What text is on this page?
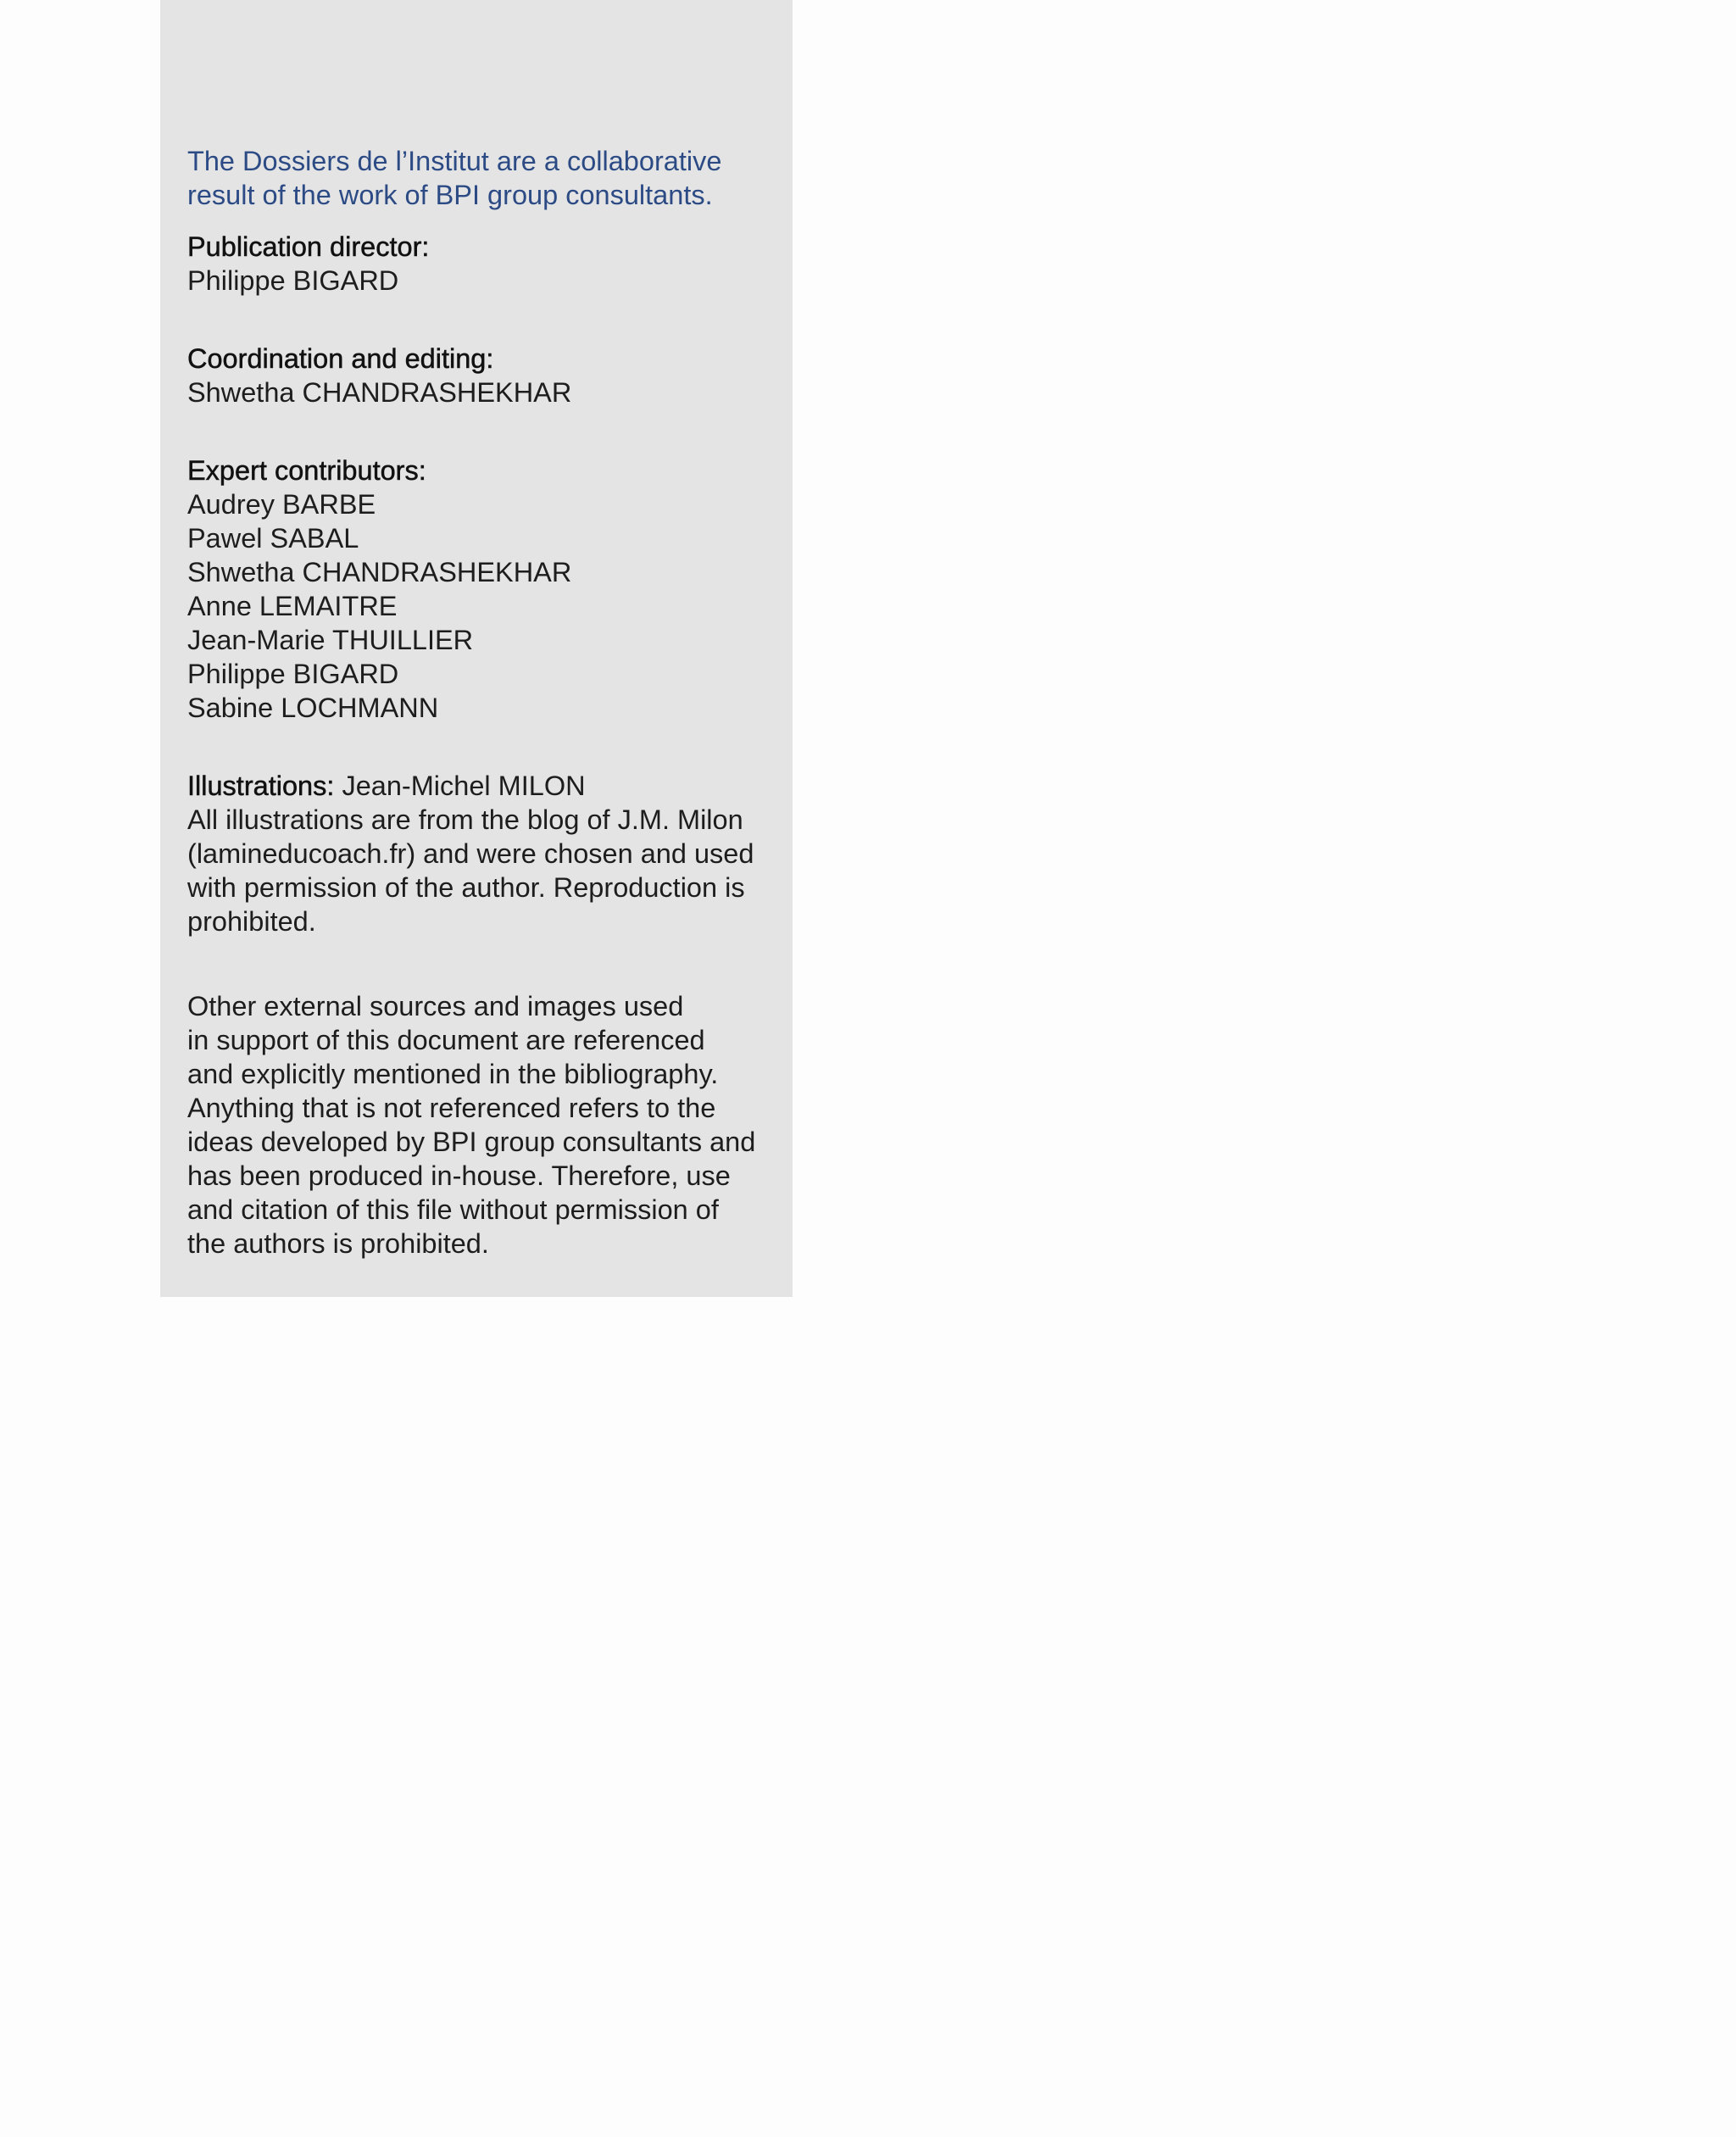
The Dossiers de l’Institut are a collaborative
result of the work of BPI group consultants.
Publication director:
Philippe BIGARD
Coordination and editing:
Shwetha CHANDRASHEKHAR
Expert contributors:
Audrey BARBE
Pawel SABAL
Shwetha CHANDRASHEKHAR
Anne LEMAITRE
Jean-Marie THUILLIER
Philippe BIGARD
Sabine LOCHMANN
Illustrations: Jean-Michel MILON
All illustrations are from the blog of J.M. Milon
(lamineducoach.fr) and were chosen and used
with permission of the author. Reproduction is
prohibited.
Other external sources and images used
in support of this document are referenced
and explicitly mentioned in the bibliography.
Anything that is not referenced refers to the
ideas developed by BPI group consultants and
has been produced in-house. Therefore, use
and citation of this file without permission of
the authors is prohibited.
